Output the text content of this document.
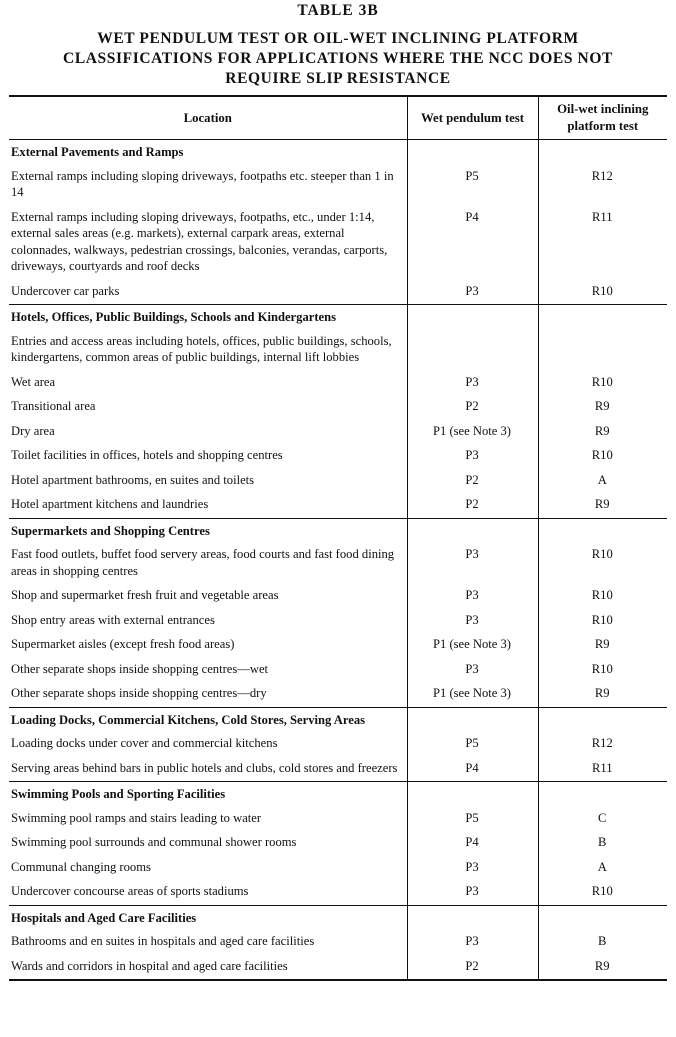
TABLE 3B
WET PENDULUM TEST OR OIL-WET INCLINING PLATFORM
CLASSIFICATIONS FOR APPLICATIONS WHERE THE NCC DOES NOT
REQUIRE SLIP RESISTANCE
Location	Wet pendulum test	Oil-wet inclining platform test
External Pavements and Ramps		
External ramps including sloping driveways, footpaths etc. steeper than 1 in 14	P5	R12
External ramps including sloping driveways, footpaths, etc., under 1:14, external sales areas (e.g. markets), external carpark areas, external colonnades, walkways, pedestrian crossings, balconies, verandas, carports, driveways, courtyards and roof decks	P4	R11
Undercover car parks	P3	R10
Hotels, Offices, Public Buildings, Schools and Kindergartens		
Entries and access areas including hotels, offices, public buildings, schools, kindergartens, common areas of public buildings, internal lift lobbies		
Wet area	P3	R10
Transitional area	P2	R9
Dry area	P1 (see Note 3)	R9
Toilet facilities in offices, hotels and shopping centres	P3	R10
Hotel apartment bathrooms, en suites and toilets	P2	A
Hotel apartment kitchens and laundries	P2	R9
Supermarkets and Shopping Centres		
Fast food outlets, buffet food servery areas, food courts and fast food dining areas in shopping centres	P3	R10
Shop and supermarket fresh fruit and vegetable areas	P3	R10
Shop entry areas with external entrances	P3	R10
Supermarket aisles (except fresh food areas)	P1 (see Note 3)	R9
Other separate shops inside shopping centres—wet	P3	R10
Other separate shops inside shopping centres—dry	P1 (see Note 3)	R9
Loading Docks, Commercial Kitchens, Cold Stores, Serving Areas		
Loading docks under cover and commercial kitchens	P5	R12
Serving areas behind bars in public hotels and clubs, cold stores and freezers	P4	R11
Swimming Pools and Sporting Facilities		
Swimming pool ramps and stairs leading to water	P5	C
Swimming pool surrounds and communal shower rooms	P4	B
Communal changing rooms	P3	A
Undercover concourse areas of sports stadiums	P3	R10
Hospitals and Aged Care Facilities		
Bathrooms and en suites in hospitals and aged care facilities	P3	B
Wards and corridors in hospital and aged care facilities	P2	R9
